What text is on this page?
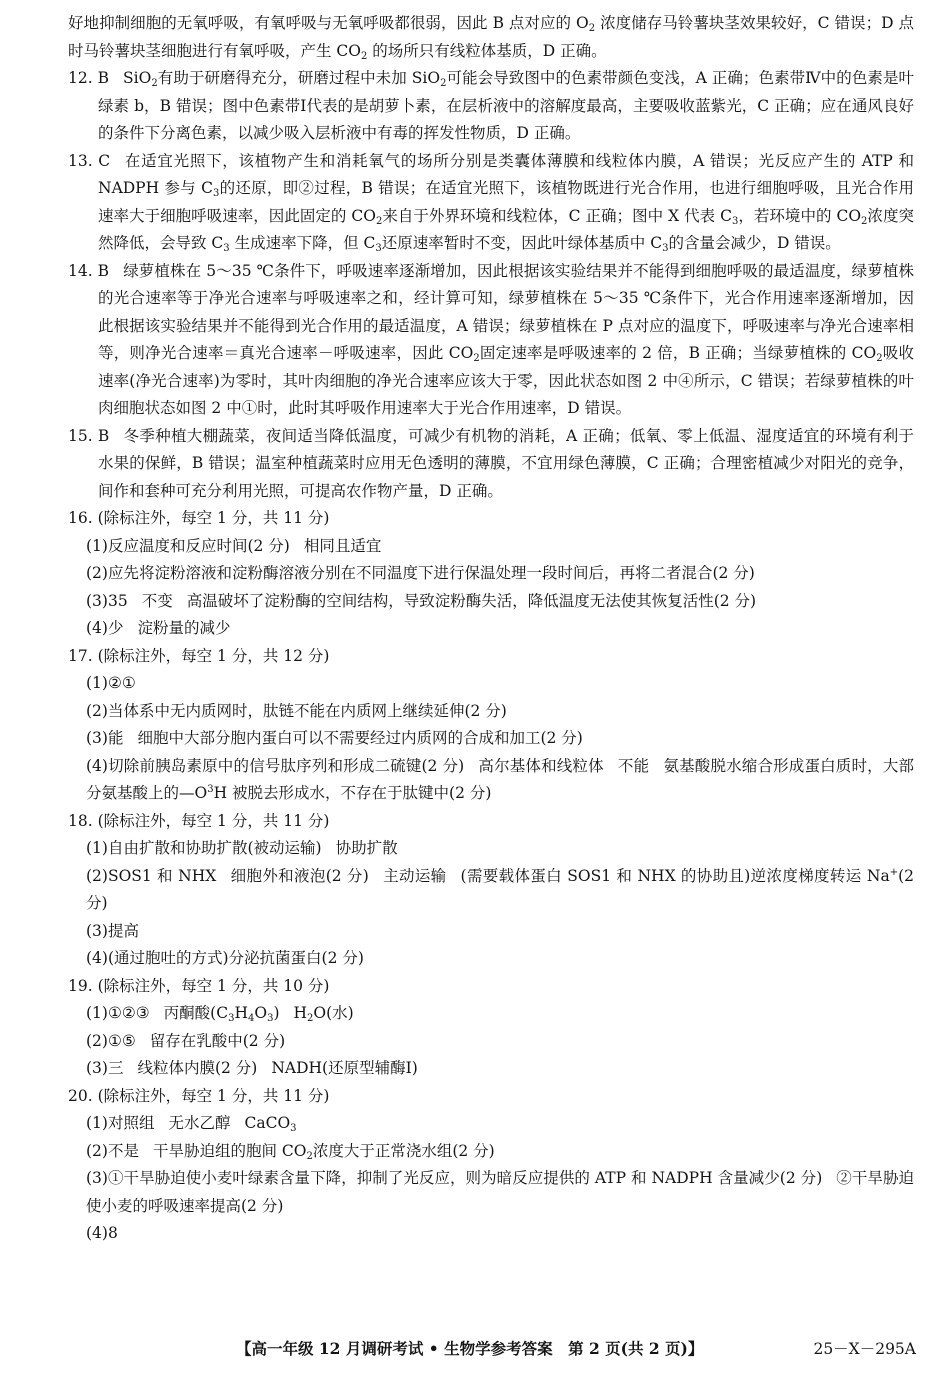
好地抑制细胞的无氧呼吸，有氧呼吸与无氧呼吸都很弱，因此 B 点对应的 $O_2$ 浓度储存马铃薯块茎效果较好，C 错误；D 点时马铃薯块茎细胞进行有氧呼吸，产生 $CO_2$ 的场所只有线粒体基质，D 正确。

12. B SiO$_2$有助于研磨得充分，研磨过程中未加 SiO$_2$可能会导致图中的色素带颜色变浅，A 正确；色素带Ⅳ中的色素是叶绿素 b，B 错误；图中色素带Ⅰ代表的是胡萝卜素，在层析液中的溶解度最高，主要吸收蓝紫光，C 正确；应在通风良好的条件下分离色素，以减少吸入层析液中有毒的挥发性物质，D 正确。

13. C 在适宜光照下，该植物产生和消耗氧气的场所分别是类囊体薄膜和线粒体内膜，A 错误；光反应产生的 ATP 和 NADPH 参与 $C_3$的还原，即②过程，B 错误；在适宜光照下，该植物既进行光合作用，也进行细胞呼吸，且光合作用速率大于细胞呼吸速率，因此固定的 $CO_2$来自于外界环境和线粒体，C 正确；图中 X 代表 $C_3$，若环境中的 $CO_2$浓度突然降低，会导致 $C_3$ 生成速率下降，但 $C_3$还原速率暂时不变，因此叶绿体基质中 $C_3$的含量会减少，D 错误。

14. B 绿萝植株在 5～35 ℃条件下，呼吸速率逐渐增加，因此根据该实验结果并不能得到细胞呼吸的最适温度，绿萝植株的光合速率等于净光合速率与呼吸速率之和，经计算可知，绿萝植株在 5～35 ℃条件下，光合作用速率逐渐增加，因此根据该实验结果并不能得到光合作用的最适温度，A 错误；绿萝植株在 P 点对应的温度下，呼吸速率与净光合速率相等，则净光合速率＝真光合速率－呼吸速率，因此 $CO_2$固定速率是呼吸速率的 2 倍，B 正确；当绿萝植株的 $CO_2$吸收速率(净光合速率)为零时，其叶肉细胞的净光合速率应该大于零，因此状态如图 2 中④所示，C 错误；若绿萝植株的叶肉细胞状态如图 2 中①时，此时其呼吸作用速率大于光合作用速率，D 错误。

15. B 冬季种植大棚蔬菜，夜间适当降低温度，可减少有机物的消耗，A 正确；低氧、零上低温、湿度适宜的环境有利于水果的保鲜，B 错误；温室种植蔬菜时应用无色透明的薄膜，不宜用绿色薄膜，C 正确；合理密植减少对阳光的竞争，间作和套种可充分利用光照，可提高农作物产量，D 正确。

16. (除标注外，每空 1 分，共 11 分)

(1)反应温度和反应时间(2 分) 相同且适宜

(2)应先将淀粉溶液和淀粉酶溶液分别在不同温度下进行保温处理一段时间后，再将二者混合(2 分)

(3)35 不变 高温破坏了淀粉酶的空间结构，导致淀粉酶失活，降低温度无法使其恢复活性(2 分)

(4)少 淀粉量的减少

17. (除标注外，每空 1 分，共 12 分)

(1)②①

(2)当体系中无内质网时，肽链不能在内质网上继续延伸(2 分)

(3)能 细胞中大部分胞内蛋白可以不需要经过内质网的合成和加工(2 分)

(4)切除前胰岛素原中的信号肽序列和形成二硫键(2 分) 高尔基体和线粒体 不能 氨基酸脱水缩合形成蛋白质时，大部分氨基酸上的$—O^3H$ 被脱去形成水，不存在于肽键中(2 分)

18. (除标注外，每空 1 分，共 11 分)

(1)自由扩散和协助扩散(被动运输) 协助扩散

(2)SOS1 和 NHX 细胞外和液泡(2 分) 主动运输 (需要载体蛋白 SOS1 和 NHX 的协助且)逆浓度梯度转运 Na+(2 分)

(3)提高

(4)(通过胞吐的方式)分泌抗菌蛋白(2 分)

19. (除标注外，每空 1 分，共 10 分)

(1)①②③ 丙酮酸$(C_3H_4O_3)$ $H_2O$(水)

(2)①⑤ 留存在乳酸中(2 分)

(3)三 线粒体内膜(2 分) NADH(还原型辅酶Ⅰ)

20. (除标注外，每空 1 分，共 11 分)

(1)对照组 无水乙醇 CaCO$_3$

(2)不是 干旱胁迫组的胞间 $CO_2$浓度大于正常浇水组(2 分)

(3)①干旱胁迫使小麦叶绿素含量下降，抑制了光反应，则为暗反应提供的 ATP 和 NADPH 含量减少(2 分) ②干旱胁迫使小麦的呼吸速率提高(2 分)

(4)8

【高一年级 12 月调研考试 • 生物学参考答案　第 2 页(共 2 页)】	25－X－295A
